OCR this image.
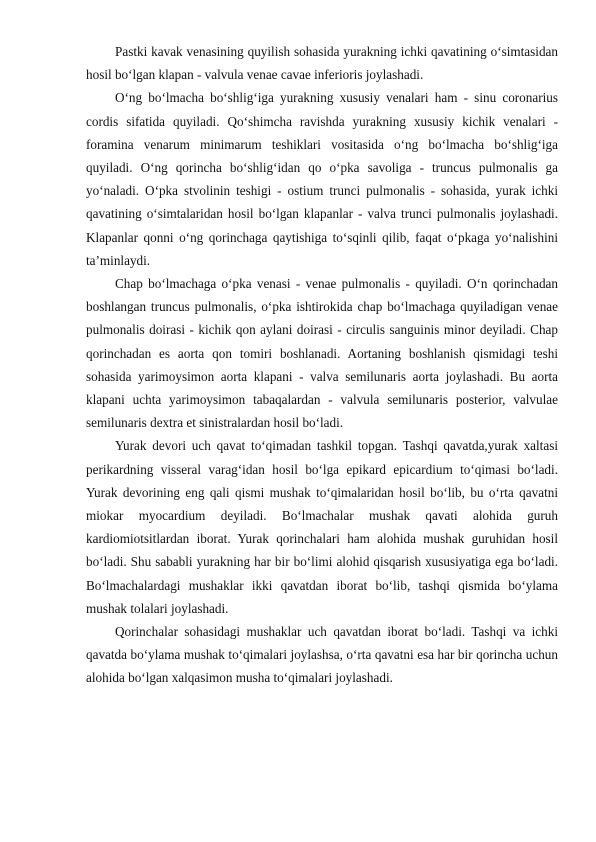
Pastki kavak venasining quyilish sohasida yurakning ichki qavatining o‘simtasidan hosil bo‘lgan klapan - valvula venae cavae inferioris joylashadi.

O‘ng bo‘lmacha bo‘shlig‘iga yurakning xususiy venalari ham - sinu coronarius cordis sifatida quyiladi. Qo‘shimcha ravishda yurakning xususiy kichik venalari - foramina venarum minimarum teshiklari vositasida o‘ng bo‘lmacha bo‘shlig‘iga quyiladi. O‘ng qorincha bo‘shlig‘idan qo o‘pka savoliga - truncus pulmonalis ga yo‘naladi. O‘pka stvolinin teshigi - ostium trunci pulmonalis - sohasida, yurak ichki qavatining o‘simtalaridan hosil bo‘lgan klapanlar - valva trunci pulmonalis joylashadi. Klapanlar qonni o‘ng qorinchaga qaytishiga to‘sqinli qilib, faqat o‘pkaga yo‘nalishini ta’minlaydi.

Chap bo‘lmachaga o‘pka venasi - venae pulmonalis - quyiladi. O‘n qorinchadan boshlangan truncus pulmonalis, o‘pka ishtirokida chap bo‘lmachaga quyiladigan venae pulmonalis doirasi - kichik qon aylani doirasi - circulis sanguinis minor deyiladi. Chap qorinchadan es aorta qon tomiri boshlanadi. Aortaning boshlanish qismidagi teshi sohasida yarimoysimon aorta klapani - valva semilunaris aorta joylashadi. Bu aorta klapani uchta yarimoysimon tabaqalardan - valvula semilunaris posterior, valvulae semilunaris dextra et sinistralardan hosil bo‘ladi.

Yurak devori uch qavat to‘qimadan tashkil topgan. Tashqi qavatda,yurak xaltasi perikardning visseral varag‘idan hosil bo‘lga epikard epicardium to‘qimasi bo‘ladi. Yurak devorining eng qali qismi mushak to‘qimalaridan hosil bo‘lib, bu o‘rta qavatni miokar myocardium deyiladi. Bo‘lmachalar mushak qavati alohida guruh kardiomiotsitlardan iborat. Yurak qorinchalari ham alohida mushak guruhidan hosil bo‘ladi. Shu sababli yurakning har bir bo‘limi alohid qisqarish xususiyatiga ega bo‘ladi. Bo‘lmachalardagi mushaklar ikki qavatdan iborat bo‘lib, tashqi qismida bo‘ylama mushak tolalari joylashadi.

Qorinchalar sohasidagi mushaklar uch qavatdan iborat bo‘ladi. Tashqi va ichki qavatda bo‘ylama mushak to‘qimalari joylashsa, o‘rta qavatni esa har bir qorincha uchun alohida bo‘lgan xalqasimon musha to‘qimalari joylashadi.
